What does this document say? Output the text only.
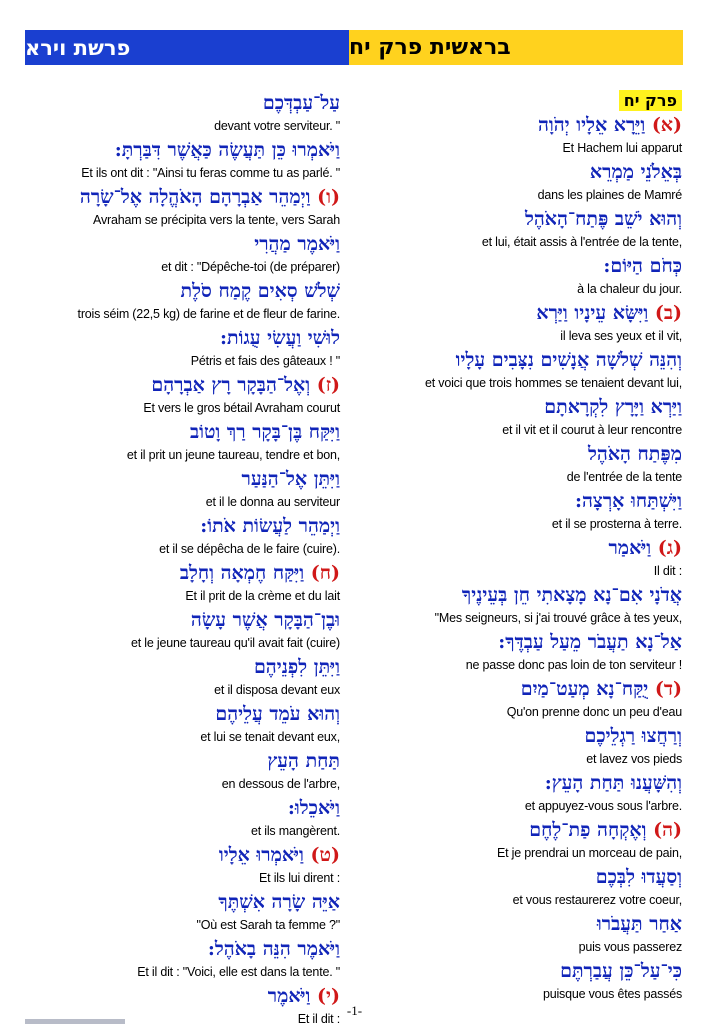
פרשת וירא	בראשית פרק יח
פרק יח
(א) וַיֵּרָא אֵלָיו יְהֹוָה
Et Hachem lui apparut
בְּאֵלֹנֵי מַמְרֵא
dans les plaines de Mamré
וְהוּא יֹשֵׁב פֶּתַח־הָאֹהֶל
et lui, était assis à l'entrée de la tente,
כְּחֹם הַיּוֹם:
à la chaleur du jour.
(ב) וַיִּשָּׂא עֵינָיו וַיַּרְא
il leva ses yeux et il vit,
וְהִנֵּה שְׁלֹשָׁה אֲנָשִׁים נִצָּבִים עָלָיו
et voici que trois hommes se tenaient devant lui,
וַיַּרְא וַיָּרָץ לִקְרָאתָם
et il vit et il courut à leur rencontre
מִפֶּתַח הָאֹהֶל
de l'entrée de la tente
וַיִּשְׁתַּחוּ אָרְצָה:
et il se prosterna à terre.
(ג) וַיֹּאמַר
Il dit :
אֲדֹנָי אִם־נָא מָצָאתִי חֵן בְּעֵינֶיךָ
"Mes seigneurs, si j'ai trouvé grâce à tes yeux,
אַל־נָא תַעֲבֹר מֵעַל עַבְדֶּךָ:
ne passe donc pas loin de ton serviteur !
(ד) יֻקַּח־נָא מְעַט־מַיִם
Qu'on prenne donc un peu d'eau
וְרַחֲצוּ רַגְלֵיכֶם
et lavez vos pieds
וְהִשָּׁעֲנוּ תַּחַת הָעֵץ:
et appuyez-vous sous l'arbre.
(ה) וְאֶקְחָה פַת־לֶחֶם
Et je prendrai un morceau de pain,
וְסַעֲדוּ לִבְּכֶם
et vous restaurerez votre coeur,
אַחַר תַּעֲבֹרוּ
puis vous passerez
כִּי־עַל־כֵּן עֲבַרְתֶּם
puisque vous êtes passés
עַל־עַבְדְּכֶם
devant votre serviteur. "
וַיֹּאמְרוּ כֵּן תַּעֲשֶׂה כַּאֲשֶׁר דִּבַּרְתָּ:
Et ils ont dit : "Ainsi tu feras comme tu as parlé. "
(ו) וַיְמַהֵר אַבְרָהָם הָאֹהֱלָה אֶל־שָׂרָה
Avraham se précipita vers la tente, vers Sarah
וַיֹּאמֶר מַהֲרִי
et dit : "Dépêche-toi (de préparer)
שְׁלֹשׁ סְאִים קֶמַח סֹלֶת
trois séim (22,5 kg) de farine et de fleur de farine.
לוּשִׁי וַעֲשִׂי עֻגוֹת:
Pétris et fais des gâteaux ! "
(ז) וְאֶל־הַבָּקָר רָץ אַבְרָהָם
Et vers le gros bétail Avraham courut
וַיִּקַּח בֶּן־בָּקָר רַךְ וָטוֹב
et il prit un jeune taureau, tendre et bon,
וַיִּתֵּן אֶל־הַנַּעַר
et il le donna au serviteur
וַיְמַהֵר לַעֲשׂוֹת אֹתוֹ:
et il se dépêcha de le faire (cuire).
(ח) וַיִּקַּח חֶמְאָה וְחָלָב
Et il prit de la crème et du lait
וּבֶן־הַבָּקָר אֲשֶׁר עָשָׂה
et le jeune taureau qu'il avait fait (cuire)
וַיִּתֵּן לִפְנֵיהֶם
et il disposa devant eux
וְהוּא עֹמֵד עֲלֵיהֶם
et lui se tenait devant eux,
תַּחַת הָעֵץ
en dessous de l'arbre,
וַיֹּאכֵלוּ:
et ils mangèrent.
(ט) וַיֹּאמְרוּ אֵלָיו
Et ils lui dirent :
אַיֵּה שָׂרָה אִשְׁתֶּךָ
"Où est Sarah ta femme ?"
וַיֹּאמֶר הִנֵּה בָאֹהֶל:
Et il dit : "Voici, elle est dans la tente. "
(י) וַיֹּאמֶר
Et il dit :
-1-
